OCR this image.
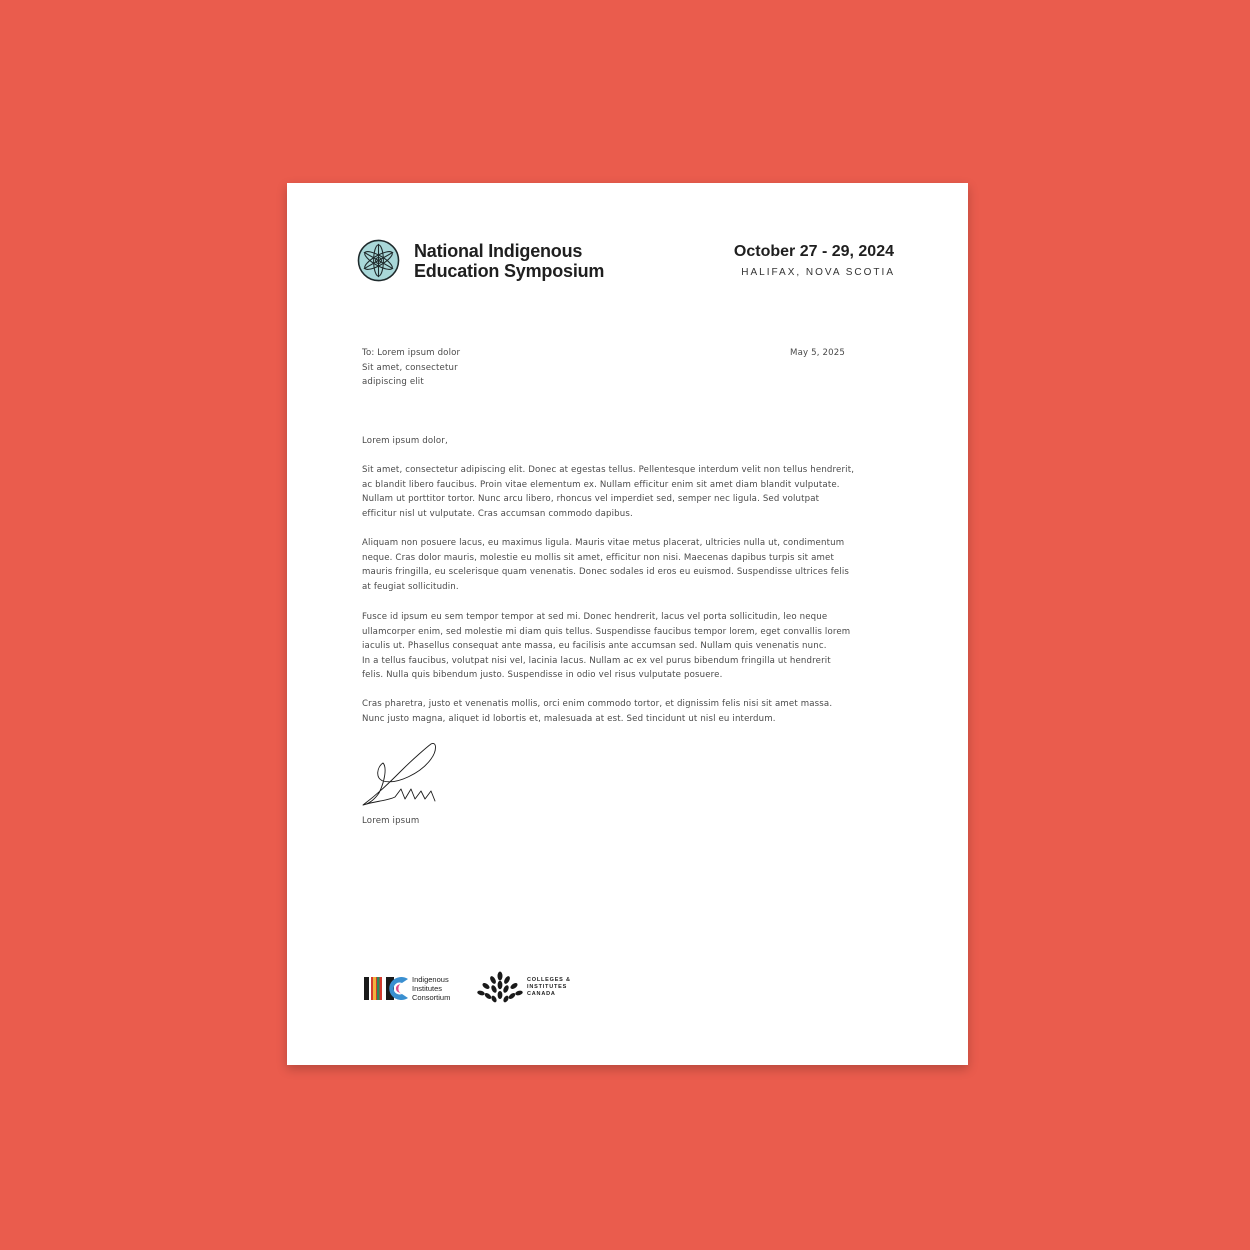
National Indigenous
Education Symposium
October 27 - 29, 2024
HALIFAX, NOVA SCOTIA
To: Lorem ipsum dolor
Sit amet, consectetur
adipiscing elit
May 5, 2025
Lorem ipsum dolor,

Sit amet, consectetur adipiscing elit. Donec at egestas tellus. Pellentesque interdum velit non tellus hendrerit,
ac blandit libero faucibus. Proin vitae elementum ex. Nullam efficitur enim sit amet diam blandit vulputate.
Nullam ut porttitor tortor. Nunc arcu libero, rhoncus vel imperdiet sed, semper nec ligula. Sed volutpat
efficitur nisl ut vulputate. Cras accumsan commodo dapibus.

Aliquam non posuere lacus, eu maximus ligula. Mauris vitae metus placerat, ultricies nulla ut, condimentum
neque. Cras dolor mauris, molestie eu mollis sit amet, efficitur non nisi. Maecenas dapibus turpis sit amet
mauris fringilla, eu scelerisque quam venenatis. Donec sodales id eros eu euismod. Suspendisse ultrices felis
at feugiat sollicitudin.

Fusce id ipsum eu sem tempor tempor at sed mi. Donec hendrerit, lacus vel porta sollicitudin, leo neque
ullamcorper enim, sed molestie mi diam quis tellus. Suspendisse faucibus tempor lorem, eget convallis lorem
iaculis ut. Phasellus consequat ante massa, eu facilisis ante accumsan sed. Nullam quis venenatis nunc.
In a tellus faucibus, volutpat nisi vel, lacinia lacus. Nullam ac ex vel purus bibendum fringilla ut hendrerit
felis. Nulla quis bibendum justo. Suspendisse in odio vel risus vulputate posuere.

Cras pharetra, justo et venenatis mollis, orci enim commodo tortor, et dignissim felis nisi sit amet massa.
Nunc justo magna, aliquet id lobortis et, malesuada at est. Sed tincidunt ut nisl eu interdum.

Lorem ipsum
Indigenous
Institutes
Consortium
COLLEGES &
INSTITUTES
CANADA
